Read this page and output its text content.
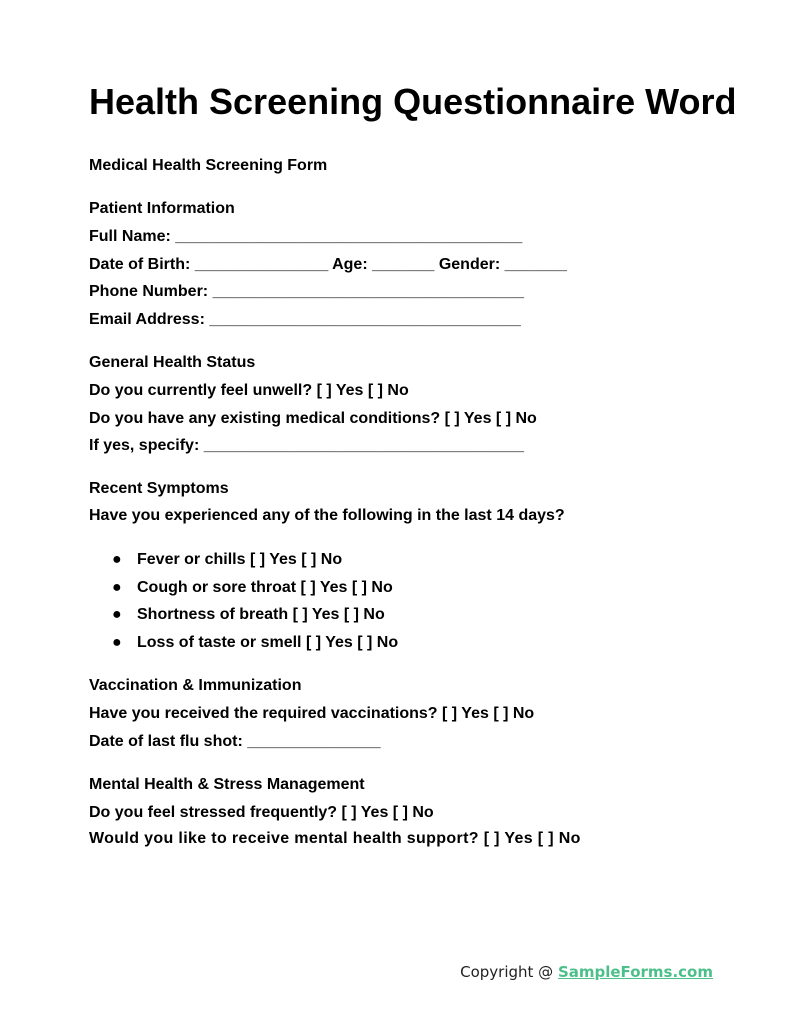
Health Screening Questionnaire Word
Medical Health Screening Form
Patient Information
Full Name: _______________________________________
Date of Birth: _______________ Age: _______ Gender: _______
Phone Number: ___________________________________
Email Address: ___________________________________
General Health Status
Do you currently feel unwell? [ ] Yes [ ] No
Do you have any existing medical conditions? [ ] Yes [ ] No
If yes, specify: ____________________________________
Recent Symptoms
Have you experienced any of the following in the last 14 days?
● Fever or chills [ ] Yes [ ] No
● Cough or sore throat [ ] Yes [ ] No
● Shortness of breath [ ] Yes [ ] No
● Loss of taste or smell [ ] Yes [ ] No
Vaccination & Immunization
Have you received the required vaccinations? [ ] Yes [ ] No
Date of last flu shot: _______________
Mental Health & Stress Management
Do you feel stressed frequently? [ ] Yes [ ] No
Would you like to receive mental health support? [ ] Yes [ ] No
Copyright @ SampleForms.com
